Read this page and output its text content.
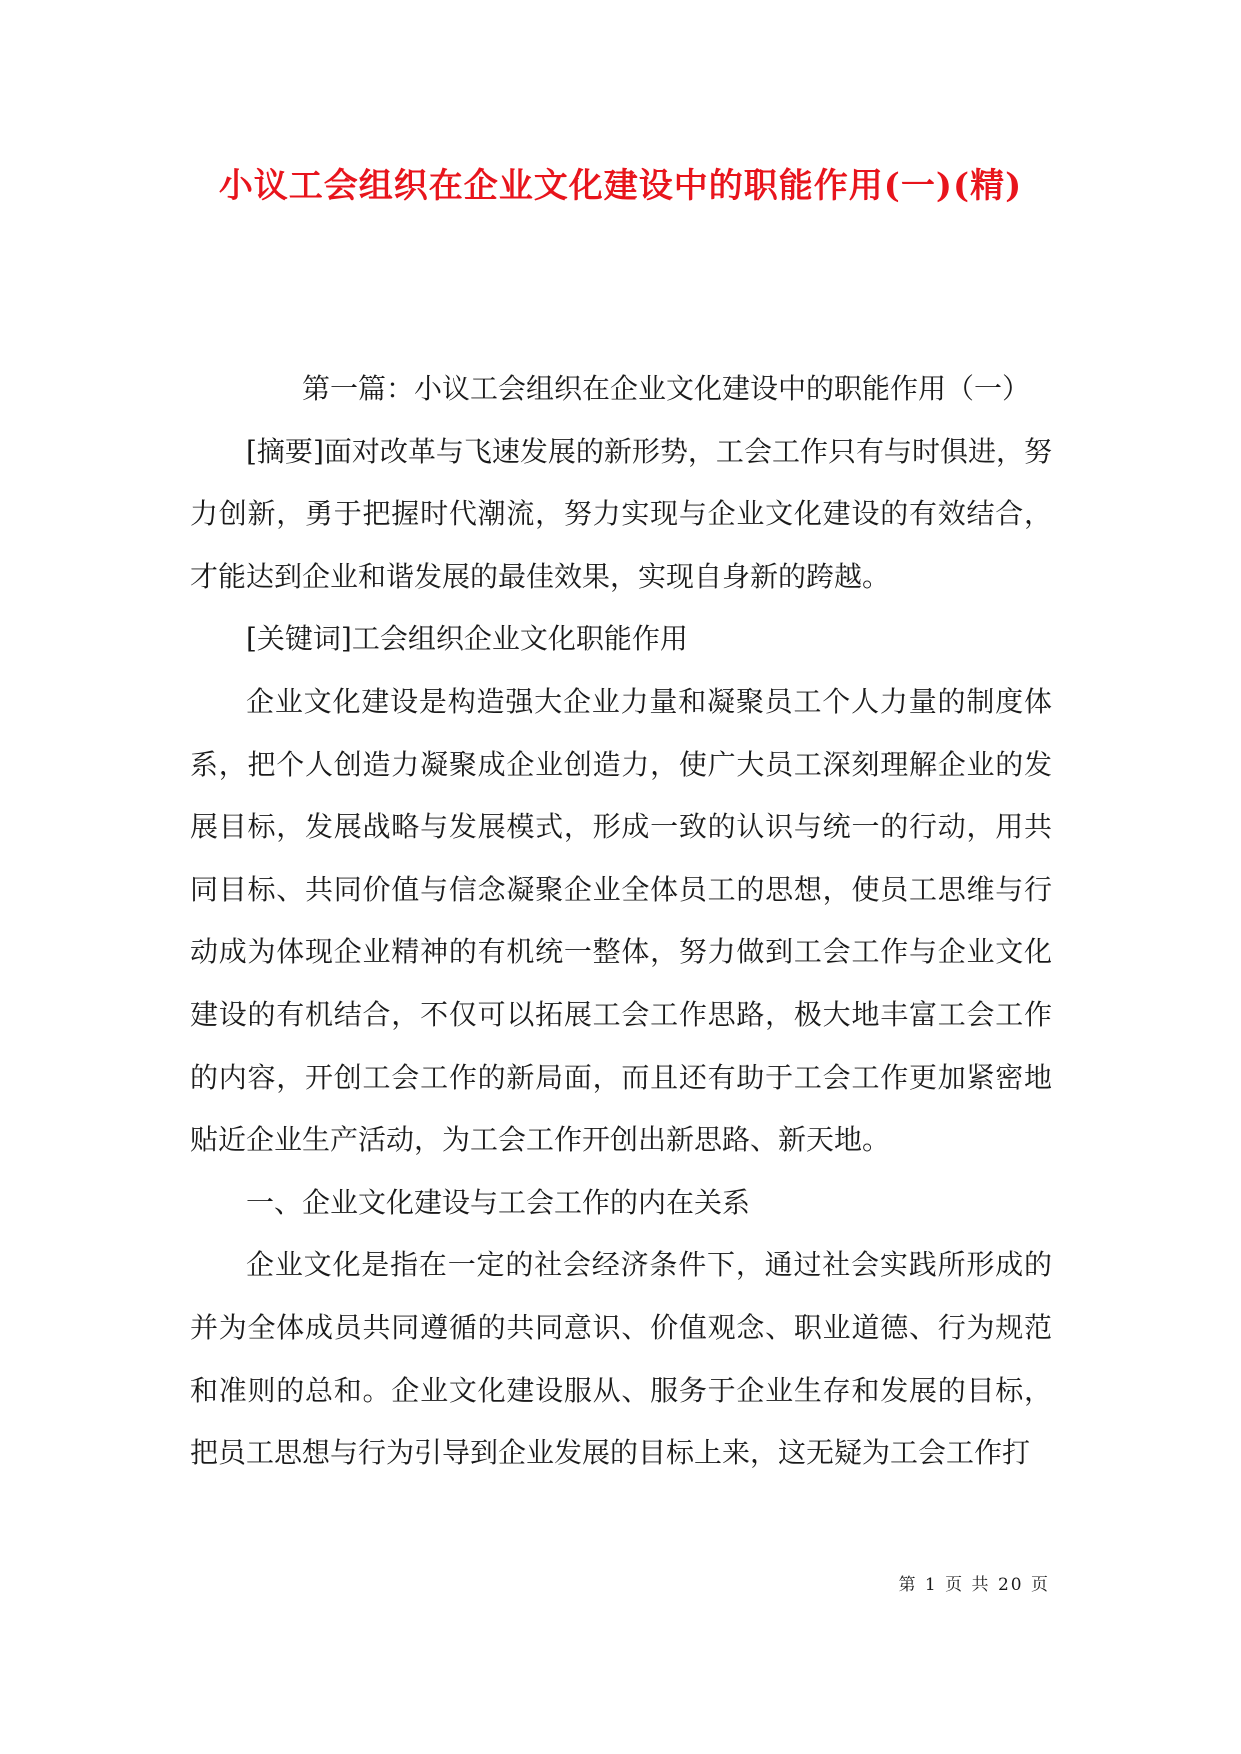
小议工会组织在企业文化建设中的职能作用(一)(精)

第一篇：小议工会组织在企业文化建设中的职能作用（一）

[摘要]面对改革与飞速发展的新形势，工会工作只有与时俱进，努力创新，勇于把握时代潮流，努力实现与企业文化建设的有效结合，才能达到企业和谐发展的最佳效果，实现自身新的跨越。

[关键词]工会组织企业文化职能作用

企业文化建设是构造强大企业力量和凝聚员工个人力量的制度体系，把个人创造力凝聚成企业创造力，使广大员工深刻理解企业的发展目标，发展战略与发展模式，形成一致的认识与统一的行动，用共同目标、共同价值与信念凝聚企业全体员工的思想，使员工思维与行动成为体现企业精神的有机统一整体，努力做到工会工作与企业文化建设的有机结合，不仅可以拓展工会工作思路，极大地丰富工会工作的内容，开创工会工作的新局面，而且还有助于工会工作更加紧密地贴近企业生产活动，为工会工作开创出新思路、新天地。

一、企业文化建设与工会工作的内在关系

企业文化是指在一定的社会经济条件下，通过社会实践所形成的并为全体成员共同遵循的共同意识、价值观念、职业道德、行为规范和准则的总和。企业文化建设服从、服务于企业生存和发展的目标，把员工思想与行为引导到企业发展的目标上来，这无疑为工会工作打

第 1 页 共 20 页
